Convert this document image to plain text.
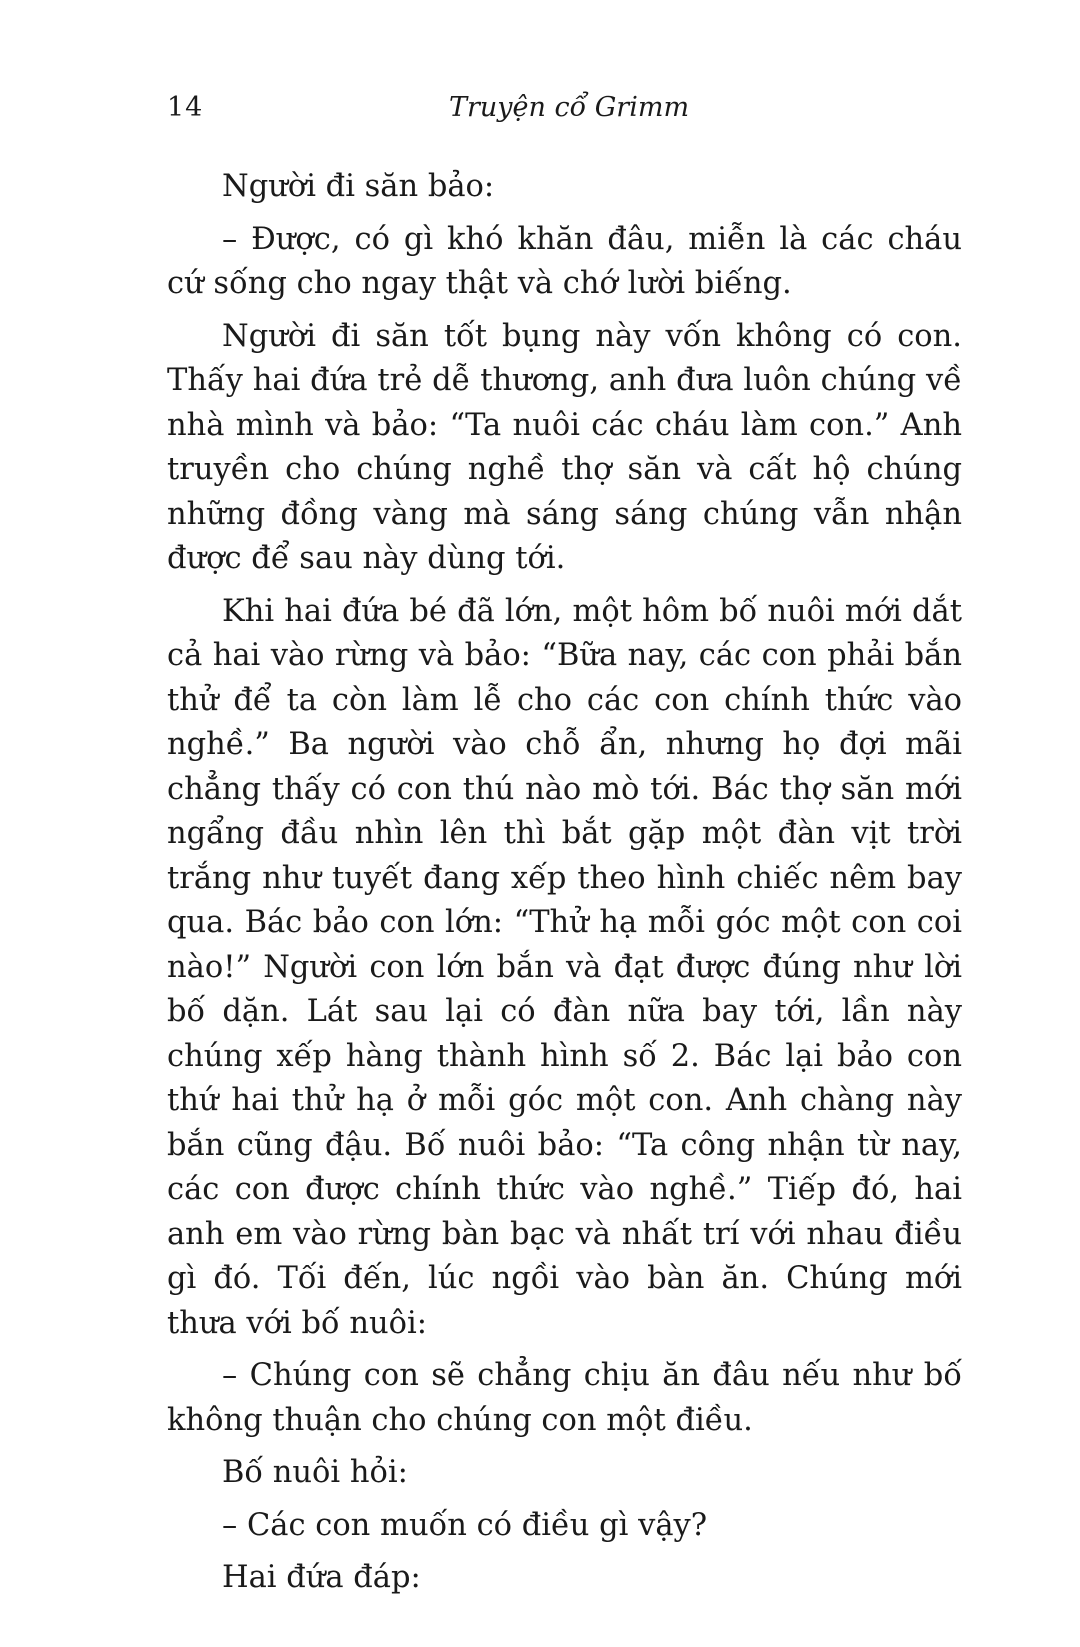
14	Truyện cổ Grimm

Người đi săn bảo:

– Được, có gì khó khăn đâu, miễn là các cháu cứ sống cho ngay thật và chớ lười biếng.

Người đi săn tốt bụng này vốn không có con. Thấy hai đứa trẻ dễ thương, anh đưa luôn chúng về nhà mình và bảo: “Ta nuôi các cháu làm con.” Anh truyền cho chúng nghề thợ săn và cất hộ chúng những đồng vàng mà sáng sáng chúng vẫn nhận được để sau này dùng tới.

Khi hai đứa bé đã lớn, một hôm bố nuôi mới dắt cả hai vào rừng và bảo: “Bữa nay, các con phải bắn thử để ta còn làm lễ cho các con chính thức vào nghề.” Ba người vào chỗ ẩn, nhưng họ đợi mãi chẳng thấy có con thú nào mò tới. Bác thợ săn mới ngẩng đầu nhìn lên thì bắt gặp một đàn vịt trời trắng như tuyết đang xếp theo hình chiếc nêm bay qua. Bác bảo con lớn: “Thử hạ mỗi góc một con coi nào!” Người con lớn bắn và đạt được đúng như lời bố dặn. Lát sau lại có đàn nữa bay tới, lần này chúng xếp hàng thành hình số 2. Bác lại bảo con thứ hai thử hạ ở mỗi góc một con. Anh chàng này bắn cũng đậu. Bố nuôi bảo: “Ta công nhận từ nay, các con được chính thức vào nghề.” Tiếp đó, hai anh em vào rừng bàn bạc và nhất trí với nhau điều gì đó. Tối đến, lúc ngồi vào bàn ăn. Chúng mới thưa với bố nuôi:

– Chúng con sẽ chẳng chịu ăn đâu nếu như bố không thuận cho chúng con một điều.

Bố nuôi hỏi:

– Các con muốn có điều gì vậy?

Hai đứa đáp:
